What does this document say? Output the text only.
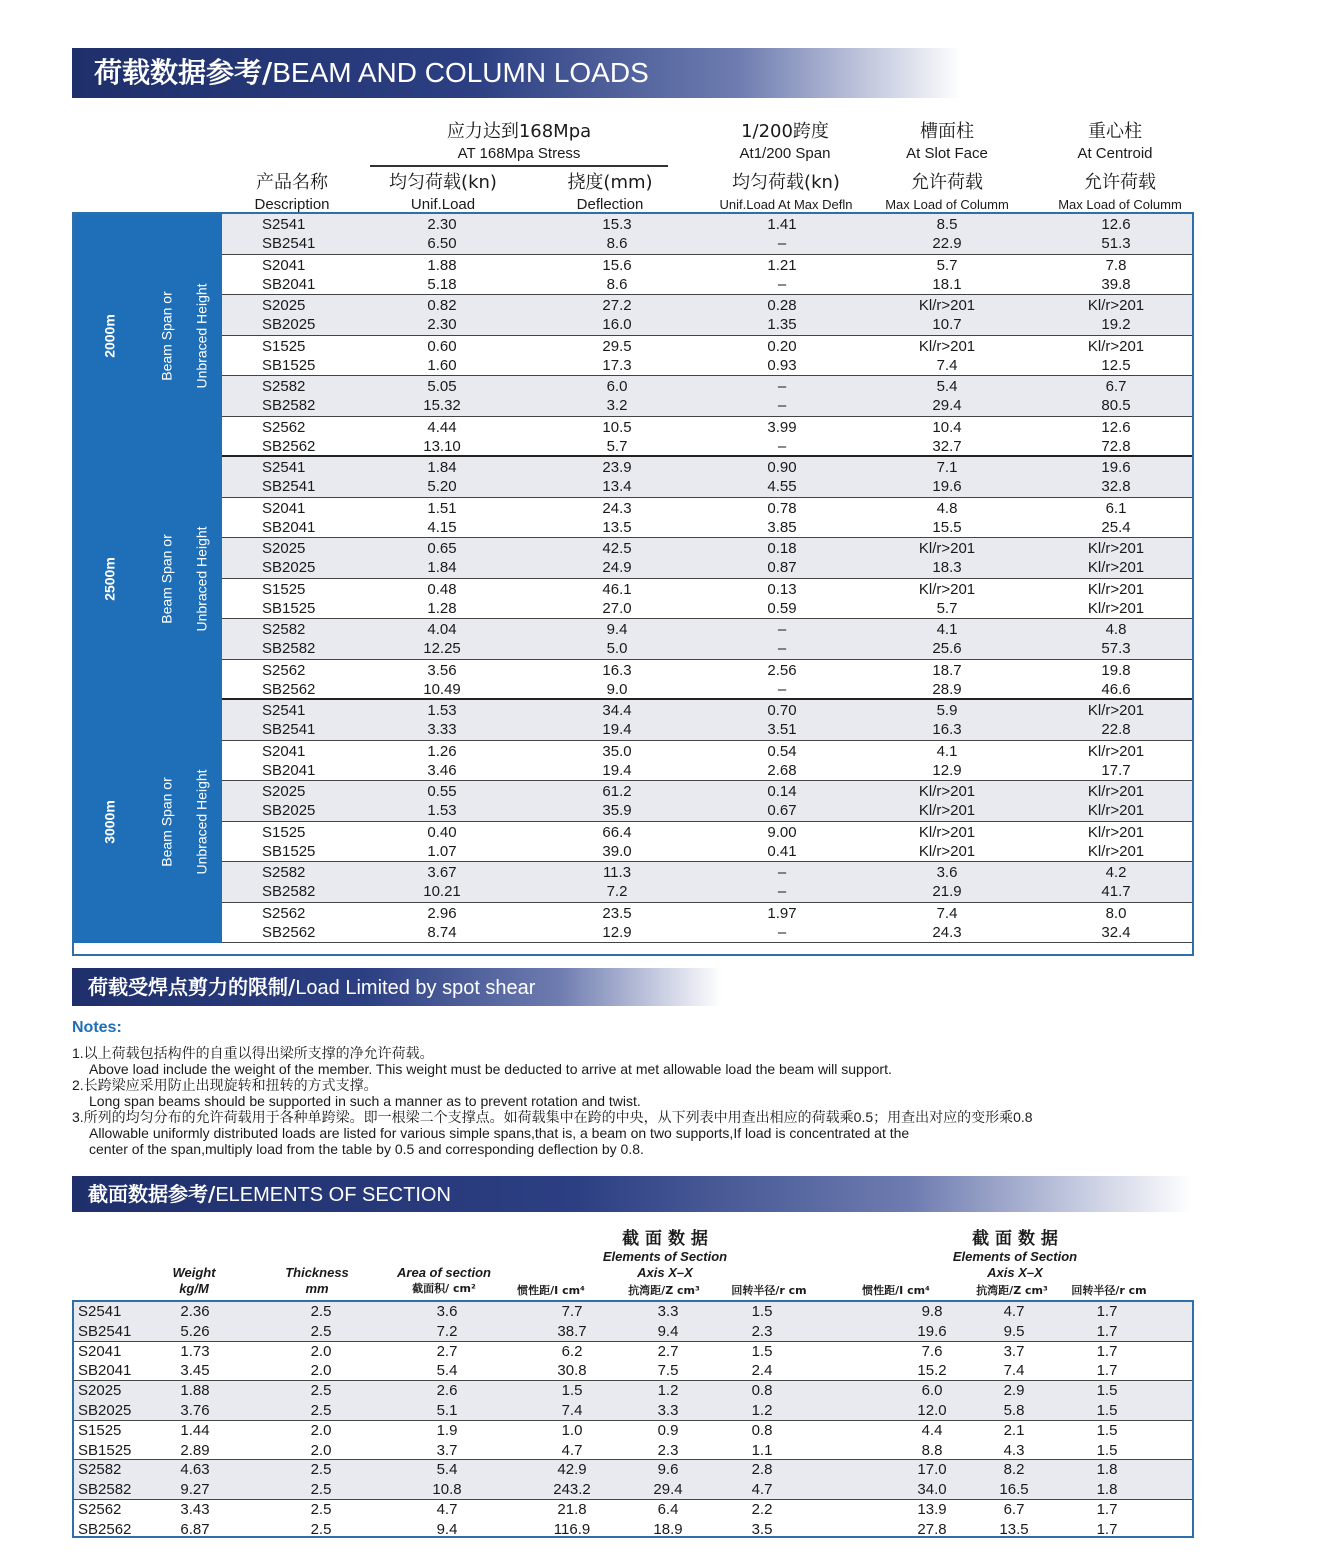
荷载数据参考/BEAM AND COLUMN LOADS
应力达到168Mpa
AT 168Mpa Stress
1/200跨度
At1/200 Span
槽面柱
At Slot Face
重心柱
At Centroid
产品名称
Description
均匀荷载(kn)
Unif.Load
挠度(mm)
Deflection
均匀荷载(kn)
Unif.Load At Max Defln
允许荷载
Max Load of Columm
允许荷载
Max Load of Columm
2000m	Beam Span or Unbraced Height
S2541	2.30	15.3	1.41	8.5	12.6
SB2541	6.50	8.6	–	22.9	51.3
S2041	1.88	15.6	1.21	5.7	7.8
SB2041	5.18	8.6	–	18.1	39.8
S2025	0.82	27.2	0.28	Kl/r>201	Kl/r>201
SB2025	2.30	16.0	1.35	10.7	19.2
S1525	0.60	29.5	0.20	Kl/r>201	Kl/r>201
SB1525	1.60	17.3	0.93	7.4	12.5
S2582	5.05	6.0	–	5.4	6.7
SB2582	15.32	3.2	–	29.4	80.5
S2562	4.44	10.5	3.99	10.4	12.6
SB2562	13.10	5.7	–	32.7	72.8
2500m	Beam Span or Unbraced Height
S2541	1.84	23.9	0.90	7.1	19.6
SB2541	5.20	13.4	4.55	19.6	32.8
S2041	1.51	24.3	0.78	4.8	6.1
SB2041	4.15	13.5	3.85	15.5	25.4
S2025	0.65	42.5	0.18	Kl/r>201	Kl/r>201
SB2025	1.84	24.9	0.87	18.3	Kl/r>201
S1525	0.48	46.1	0.13	Kl/r>201	Kl/r>201
SB1525	1.28	27.0	0.59	5.7	Kl/r>201
S2582	4.04	9.4	–	4.1	4.8
SB2582	12.25	5.0	–	25.6	57.3
S2562	3.56	16.3	2.56	18.7	19.8
SB2562	10.49	9.0	–	28.9	46.6
3000m	Beam Span or Unbraced Height
S2541	1.53	34.4	0.70	5.9	Kl/r>201
SB2541	3.33	19.4	3.51	16.3	22.8
S2041	1.26	35.0	0.54	4.1	Kl/r>201
SB2041	3.46	19.4	2.68	12.9	17.7
S2025	0.55	61.2	0.14	Kl/r>201	Kl/r>201
SB2025	1.53	35.9	0.67	Kl/r>201	Kl/r>201
S1525	0.40	66.4	9.00	Kl/r>201	Kl/r>201
SB1525	1.07	39.0	0.41	Kl/r>201	Kl/r>201
S2582	3.67	11.3	–	3.6	4.2
SB2582	10.21	7.2	–	21.9	41.7
S2562	2.96	23.5	1.97	7.4	8.0
SB2562	8.74	12.9	–	24.3	32.4
荷载受焊点剪力的限制/Load Limited by spot shear
Notes:
1.以上荷载包括构件的自重以得出梁所支撑的净允许荷载。
Above load include the weight of the member. This weight must be deducted to arrive at met allowable load the beam will support.
2.长跨梁应采用防止出现旋转和扭转的方式支撑。
Long span beams should be supported in such a manner as to prevent rotation and twist.
3.所列的均匀分布的允许荷载用于各种单跨梁。即一根梁二个支撑点。如荷载集中在跨的中央，从下列表中用查出相应的荷载乘0.5；用查出对应的变形乘0.8
Allowable uniformly distributed loads are listed for various simple spans,that is, a beam on two supports,If load is concentrated at the
center of the span,multiply load from the table by 0.5 and corresponding deflection by 0.8.
截面数据参考/ELEMENTS OF SECTION
截 面 数 据
Elements of Section
Axis X–X
截 面 数 据
Elements of Section
Axis X–X
Weight
kg/M
Thickness
mm
Area of section
截面积/ cm²	惯性距/I cm⁴	抗湾距/Z cm³	回转半径/r cm	惯性距/I cm⁴	抗湾距/Z cm³	回转半径/r cm
S2541	2.36	2.5	3.6	7.7	3.3	1.5	9.8	4.7	1.7
SB2541	5.26	2.5	7.2	38.7	9.4	2.3	19.6	9.5	1.7
S2041	1.73	2.0	2.7	6.2	2.7	1.5	7.6	3.7	1.7
SB2041	3.45	2.0	5.4	30.8	7.5	2.4	15.2	7.4	1.7
S2025	1.88	2.5	2.6	1.5	1.2	0.8	6.0	2.9	1.5
SB2025	3.76	2.5	5.1	7.4	3.3	1.2	12.0	5.8	1.5
S1525	1.44	2.0	1.9	1.0	0.9	0.8	4.4	2.1	1.5
SB1525	2.89	2.0	3.7	4.7	2.3	1.1	8.8	4.3	1.5
S2582	4.63	2.5	5.4	42.9	9.6	2.8	17.0	8.2	1.8
SB2582	9.27	2.5	10.8	243.2	29.4	4.7	34.0	16.5	1.8
S2562	3.43	2.5	4.7	21.8	6.4	2.2	13.9	6.7	1.7
SB2562	6.87	2.5	9.4	116.9	18.9	3.5	27.8	13.5	1.7
